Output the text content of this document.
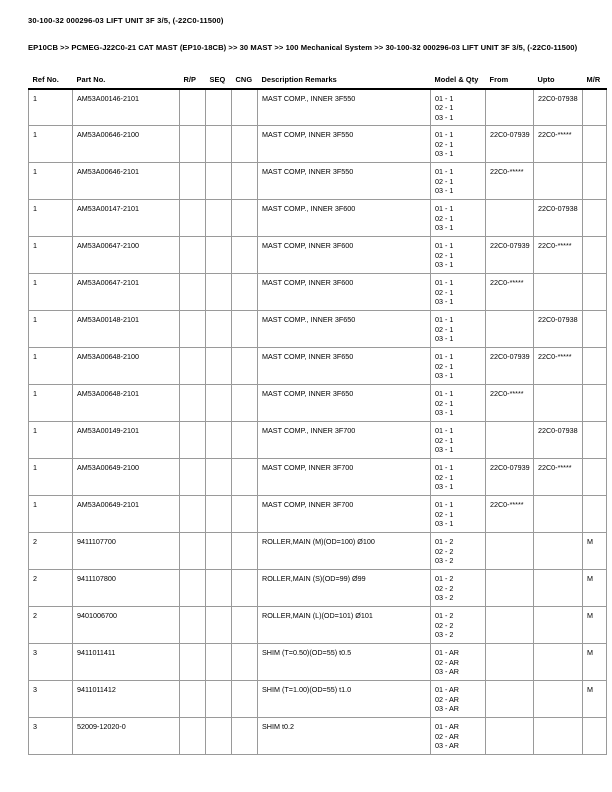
30-100-32 000296-03 LIFT UNIT 3F 3/5, (-22C0-11500)
EP10CB >> PCMEG-J22C0-21 CAT MAST (EP10-18CB) >> 30 MAST >> 100 Mechanical System >> 30-100-32 000296-03 LIFT UNIT 3F 3/5, (-22C0-11500)
Ref No.	Part No.	R/P	SEQ	CNG	Description Remarks	Model & Qty	From	Upto	M/R
1	AM53A00146-2101				MAST COMP., INNER 3F550	01 - 1
02 - 1
03 - 1		22C0-07938	
1	AM53A00646-2100				MAST COMP, INNER 3F550	01 - 1
02 - 1
03 - 1	22C0-07939	22C0-*****	
1	AM53A00646-2101				MAST COMP, INNER 3F550	01 - 1
02 - 1
03 - 1	22C0-*****		
1	AM53A00147-2101				MAST COMP., INNER 3F600	01 - 1
02 - 1
03 - 1		22C0-07938	
1	AM53A00647-2100				MAST COMP, INNER 3F600	01 - 1
02 - 1
03 - 1	22C0-07939	22C0-*****	
1	AM53A00647-2101				MAST COMP, INNER 3F600	01 - 1
02 - 1
03 - 1	22C0-*****		
1	AM53A00148-2101				MAST COMP., INNER 3F650	01 - 1
02 - 1
03 - 1		22C0-07938	
1	AM53A00648-2100				MAST COMP, INNER 3F650	01 - 1
02 - 1
03 - 1	22C0-07939	22C0-*****	
1	AM53A00648-2101				MAST COMP, INNER 3F650	01 - 1
02 - 1
03 - 1	22C0-*****		
1	AM53A00149-2101				MAST COMP., INNER 3F700	01 - 1
02 - 1
03 - 1		22C0-07938	
1	AM53A00649-2100				MAST COMP, INNER 3F700	01 - 1
02 - 1
03 - 1	22C0-07939	22C0-*****	
1	AM53A00649-2101				MAST COMP, INNER 3F700	01 - 1
02 - 1
03 - 1	22C0-*****		
2	9411107700				ROLLER,MAIN (M)(OD=100) Ø100	01 - 2
02 - 2
03 - 2			M
2	9411107800				ROLLER,MAIN (S)(OD=99) Ø99	01 - 2
02 - 2
03 - 2			M
2	9401006700				ROLLER,MAIN (L)(OD=101) Ø101	01 - 2
02 - 2
03 - 2			M
3	9411011411				SHIM (T=0.50)(OD=55) t0.5	01 - AR
02 - AR
03 - AR			M
3	9411011412				SHIM (T=1.00)(OD=55) t1.0	01 - AR
02 - AR
03 - AR			M
3	52009-12020-0				SHIM t0.2	01 - AR
02 - AR
03 - AR			
